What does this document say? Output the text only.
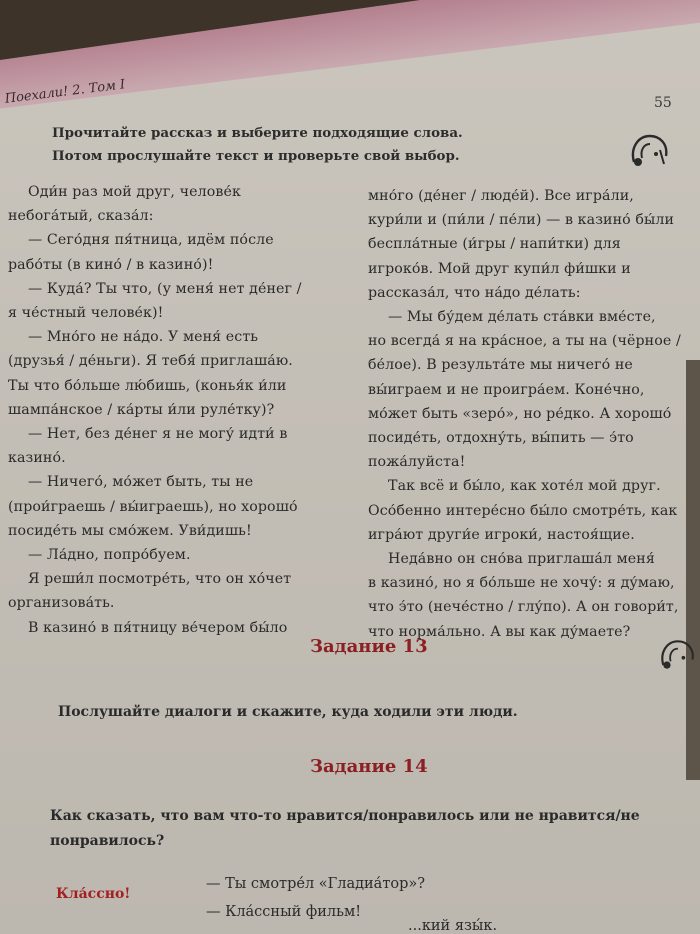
Поехали! 2. Том I	55
Прочитайте рассказ и выберите подходящие слова.
Потом прослушайте текст и проверьте свой выбор.

Оди́н раз мой друг, челове́к

небога́тый, сказа́л:

— Сего́дня пя́тница, идём по́сле

рабо́ты (в кино́ / в казино́)!

— Куда́? Ты что, (у меня́ нет де́нег /

я че́стный челове́к)!

— Мно́го не на́до. У меня́ есть

(друзья́ / де́ньги). Я тебя́ приглаша́ю.

Ты что бо́льше лю́бишь, (конья́к и́ли

шампа́нское / ка́рты и́ли руле́тку)?

— Нет, без де́нег я не могу́ идти́ в

казино́.

— Ничего́, мо́жет быть, ты не

(прои́граешь / вы́играешь), но хорошо́

посиде́ть мы смо́жем. Уви́дишь!

— Ла́дно, попро́буем.

Я реши́л посмотре́ть, что он хо́чет

организова́ть.

В казино́ в пя́тницу ве́чером бы́ло

мно́го (де́нег / люде́й). Все игра́ли,

кури́ли и (пи́ли / пе́ли) — в казино́ бы́ли

беспла́тные (и́гры / напи́тки) для

игроко́в. Мой друг купи́л фи́шки и

рассказа́л, что на́до де́лать:

— Мы бу́дем де́лать ста́вки вме́сте,

но всегда́ я на кра́сное, а ты на (чёрное /

бе́лое). В результа́те мы ничего́ не

вы́играем и не проигра́ем. Коне́чно,

мо́жет быть «зеро́», но ре́дко. А хорошо́

посиде́ть, отдохну́ть, вы́пить — э́то

пожа́луйста!

Так всё и бы́ло, как хоте́л мой друг.

Осо́бенно интере́сно бы́ло смотре́ть, как

игра́ют други́е игроки́, настоя́щие.

Неда́вно он сно́ва приглаша́л меня́

в казино́, но я бо́льше не хочу́: я ду́маю,

что э́то (нече́стно / глу́по). А он говори́т,

что норма́льно. А вы как ду́маете?

Задание 13
Послушайте диалоги и скажите, куда ходили эти люди.
Задание 14
Как сказать, что вам что-то нравится/понравилось или не нравится/не
понравилось?
Кла́ссно!
— Ты смотре́л «Гладиа́тор»?
— Кла́ссный фильм!
...кий язы́к.
